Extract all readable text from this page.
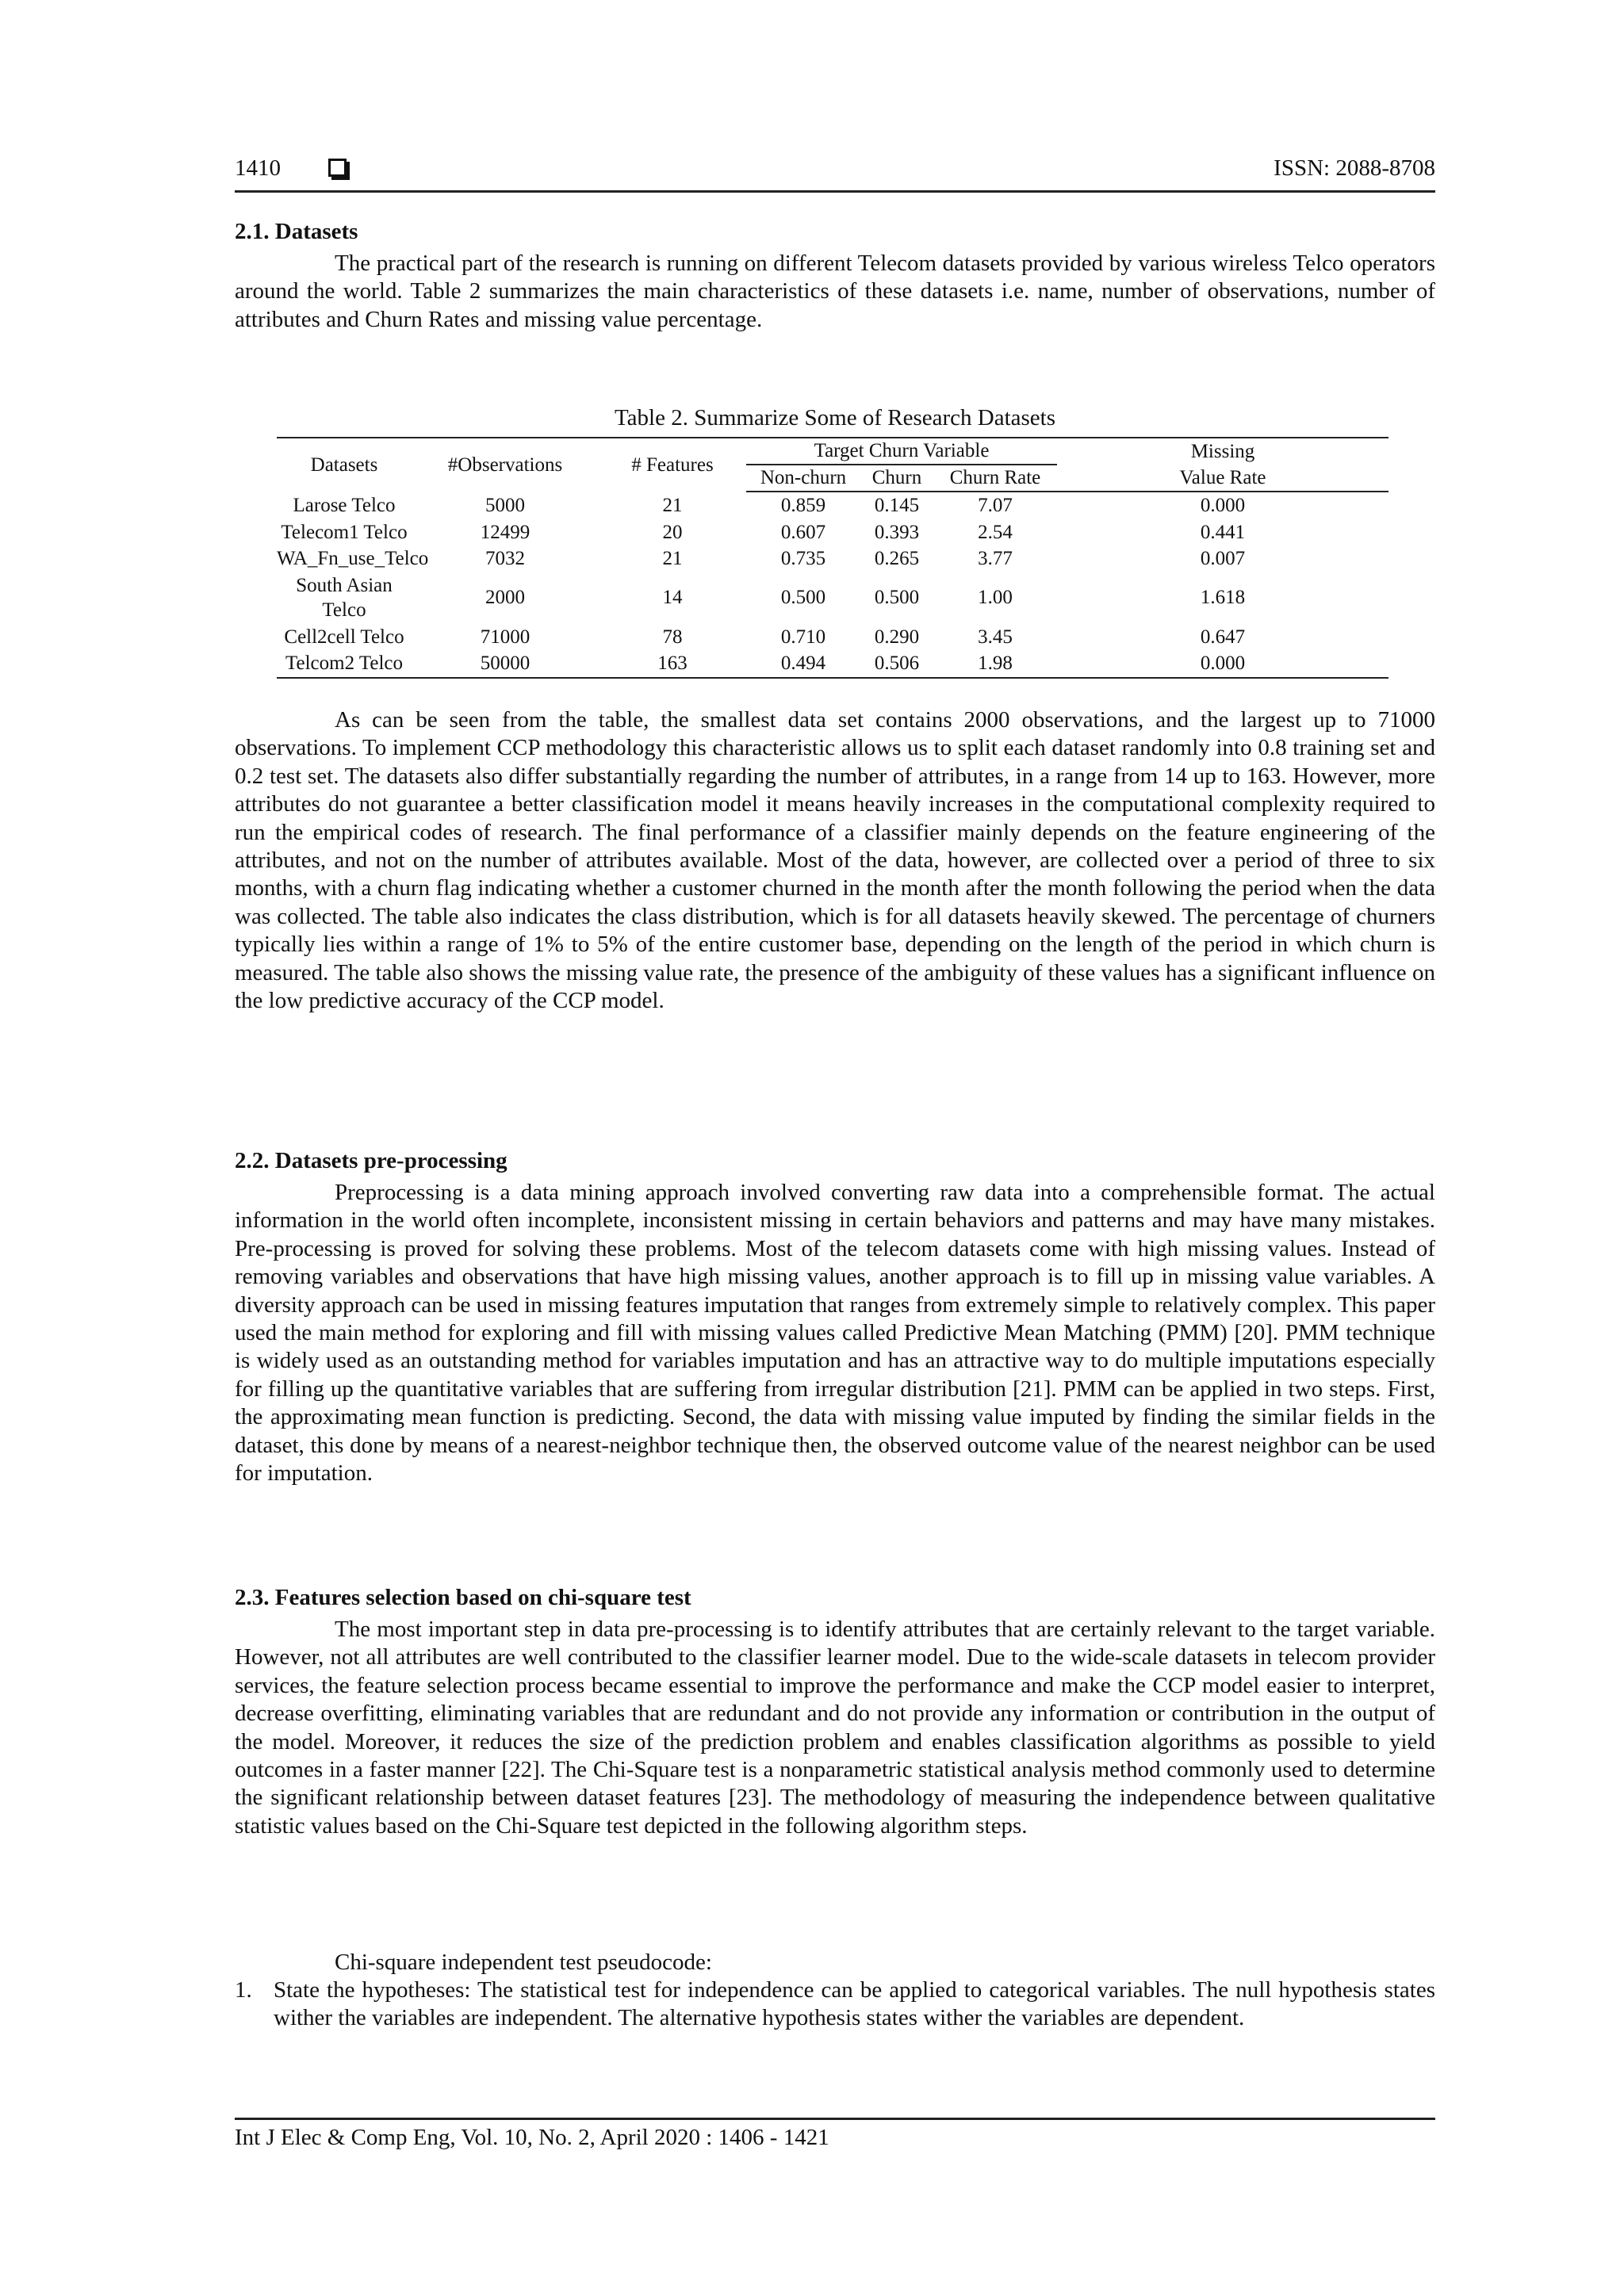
1410	ISSN: 2088-8708
2.1. Datasets

The practical part of the research is running on different Telecom datasets provided by various wireless Telco operators around the world. Table 2 summarizes the main characteristics of these datasets i.e. name, number of observations, number of attributes and Churn Rates and missing value percentage.

Table 2. Summarize Some of Research Datasets
Datasets	#Observations	# Features	Target Churn Variable			Missing
			Non-churn	Churn	Churn Rate	Value Rate
Larose Telco	5000	21	0.859	0.145	7.07	0.000
Telecom1 Telco	12499	20	0.607	0.393	2.54	0.441
WA_Fn_use_Telco	7032	21	0.735	0.265	3.77	0.007
South Asian Telco	2000	14	0.500	0.500	1.00	1.618
Cell2cell Telco	71000	78	0.710	0.290	3.45	0.647
Telcom2 Telco	50000	163	0.494	0.506	1.98	0.000

As can be seen from the table, the smallest data set contains 2000 observations, and the largest up to 71000 observations. To implement CCP methodology this characteristic allows us to split each dataset randomly into 0.8 training set and 0.2 test set. The datasets also differ substantially regarding the number of attributes, in a range from 14 up to 163. However, more attributes do not guarantee a better classification model it means heavily increases in the computational complexity required to run the empirical codes of research. The final performance of a classifier mainly depends on the feature engineering of the attributes, and not on the number of attributes available. Most of the data, however, are collected over a period of three to six months, with a churn flag indicating whether a customer churned in the month after the month following the period when the data was collected. The table also indicates the class distribution, which is for all datasets heavily skewed. The percentage of churners typically lies within a range of 1% to 5% of the entire customer base, depending on the length of the period in which churn is measured. The table also shows the missing value rate, the presence of the ambiguity of these values has a significant influence on the low predictive accuracy of the CCP model.

2.2. Datasets pre-processing

Preprocessing is a data mining approach involved converting raw data into a comprehensible format. The actual information in the world often incomplete, inconsistent missing in certain behaviors and patterns and may have many mistakes. Pre-processing is proved for solving these problems. Most of the telecom datasets come with high missing values. Instead of removing variables and observations that have high missing values, another approach is to fill up in missing value variables. A diversity approach can be used in missing features imputation that ranges from extremely simple to relatively complex. This paper used the main method for exploring and fill with missing values called Predictive Mean Matching (PMM) [20]. PMM technique is widely used as an outstanding method for variables imputation and has an attractive way to do multiple imputations especially for filling up the quantitative variables that are suffering from irregular distribution [21]. PMM can be applied in two steps. First, the approximating mean function is predicting. Second, the data with missing value imputed by finding the similar fields in the dataset, this done by means of a nearest-neighbor technique then, the observed outcome value of the nearest neighbor can be used for imputation.

2.3. Features selection based on chi-square test

The most important step in data pre-processing is to identify attributes that are certainly relevant to the target variable. However, not all attributes are well contributed to the classifier learner model. Due to the wide-scale datasets in telecom provider services, the feature selection process became essential to improve the performance and make the CCP model easier to interpret, decrease overfitting, eliminating variables that are redundant and do not provide any information or contribution in the output of the model. Moreover, it reduces the size of the prediction problem and enables classification algorithms as possible to yield outcomes in a faster manner [22]. The Chi-Square test is a nonparametric statistical analysis method commonly used to determine the significant relationship between dataset features [23]. The methodology of measuring the independence between qualitative statistic values based on the Chi-Square test depicted in the following algorithm steps.

Chi-square independent test pseudocode:

1. State the hypotheses: The statistical test for independence can be applied to categorical variables. The null hypothesis states wither the variables are independent. The alternative hypothesis states wither the variables are dependent.
Int J Elec & Comp Eng, Vol. 10, No. 2, April 2020 : 1406 - 1421
